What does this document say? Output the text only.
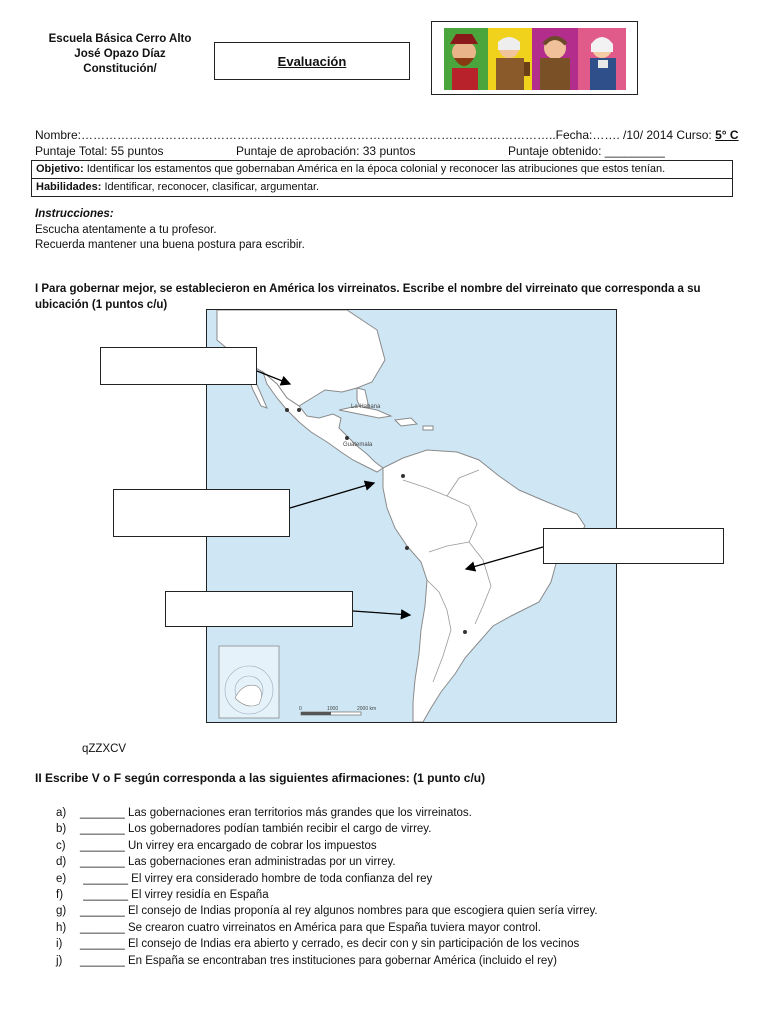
Escuela Básica Cerro Alto
José Opazo Díaz
Constitución/
Evaluación
Nombre:………………………………………………………………………………………………………..Fecha:……. /10/ 2014 Curso: 5° C
Puntaje Total: 55 puntos	Puntaje de aprobación: 33 puntos	Puntaje obtenido: _________
Objetivo: Identificar los estamentos que gobernaban América en la época colonial y reconocer las atribuciones que estos tenían.
Habilidades: Identificar, reconocer, clasificar, argumentar.
Instrucciones:
Escucha atentamente a tu profesor.
Recuerda mantener una buena postura para escribir.
I Para gobernar mejor, se establecieron en América los virreinatos. Escribe el nombre del virreinato que corresponda a su
ubicación (1 puntos c/u)
La Habana
Guatemala
0	1000	2000 km
qZZXCV
II Escribe V o F según corresponda a las siguientes afirmaciones: (1 punto c/u)
a) _______ Las gobernaciones eran territorios más grandes que los virreinatos.
b) _______ Los gobernadores podían también recibir el cargo de virrey.
c) _______ Un virrey era encargado de cobrar los impuestos
d) _______ Las gobernaciones eran administradas por un virrey.
e) _______ El virrey era considerado hombre de toda confianza del rey
f) _______ El virrey residía en España
g) _______ El consejo de Indias proponía al rey algunos nombres para que escogiera quien sería virrey.
h) _______ Se crearon cuatro virreinatos en América para que España tuviera mayor control.
i) _______ El consejo de Indias era abierto y cerrado, es decir con y sin participación de los vecinos
j) _______ En España se encontraban tres instituciones para gobernar América (incluido el rey)
